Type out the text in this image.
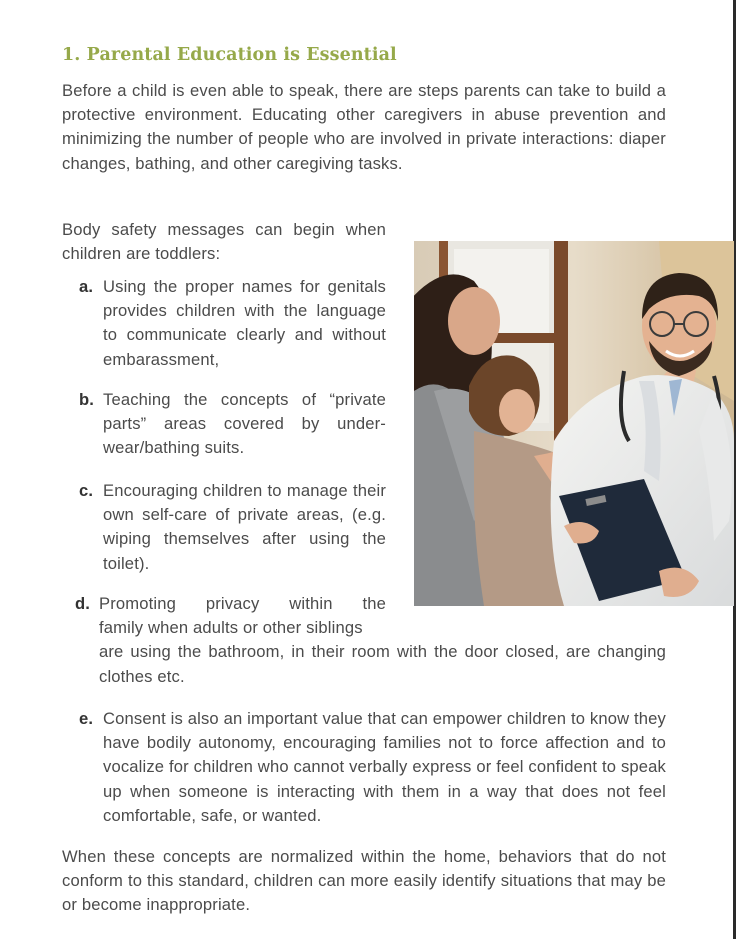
1. Parental Education is Essential

Before a child is even able to speak, there are steps parents can take to build a protective environment. Educating other caregivers in abuse prevention and minimizing the number of people who are involved in private interactions: diaper changes, bathing, and other caregiving tasks.

Body safety messages can begin when children are toddlers:

a. Using the proper names for genitals provides children with the language to communicate clearly and without embarassment,
b. Teaching the concepts of “private parts” areas covered by under-wear/bathing suits.
c. Encouraging children to manage their own self-care of private areas, (e.g. wiping themselves after using the toilet).
d. Promoting privacy within the
family when adults or other siblings
are using the bathroom, in their room with the door closed, are changing clothes etc.
e. Consent is also an important value that can empower children to know they have bodily autonomy, encouraging families not to force affection and to vocalize for children who cannot verbally express or feel confident to speak up when someone is interacting with them in a way that does not feel comfortable, safe, or wanted.

When these concepts are normalized within the home, behaviors that do not conform to this standard, children can more easily identify situations that may be or become inappropriate.
